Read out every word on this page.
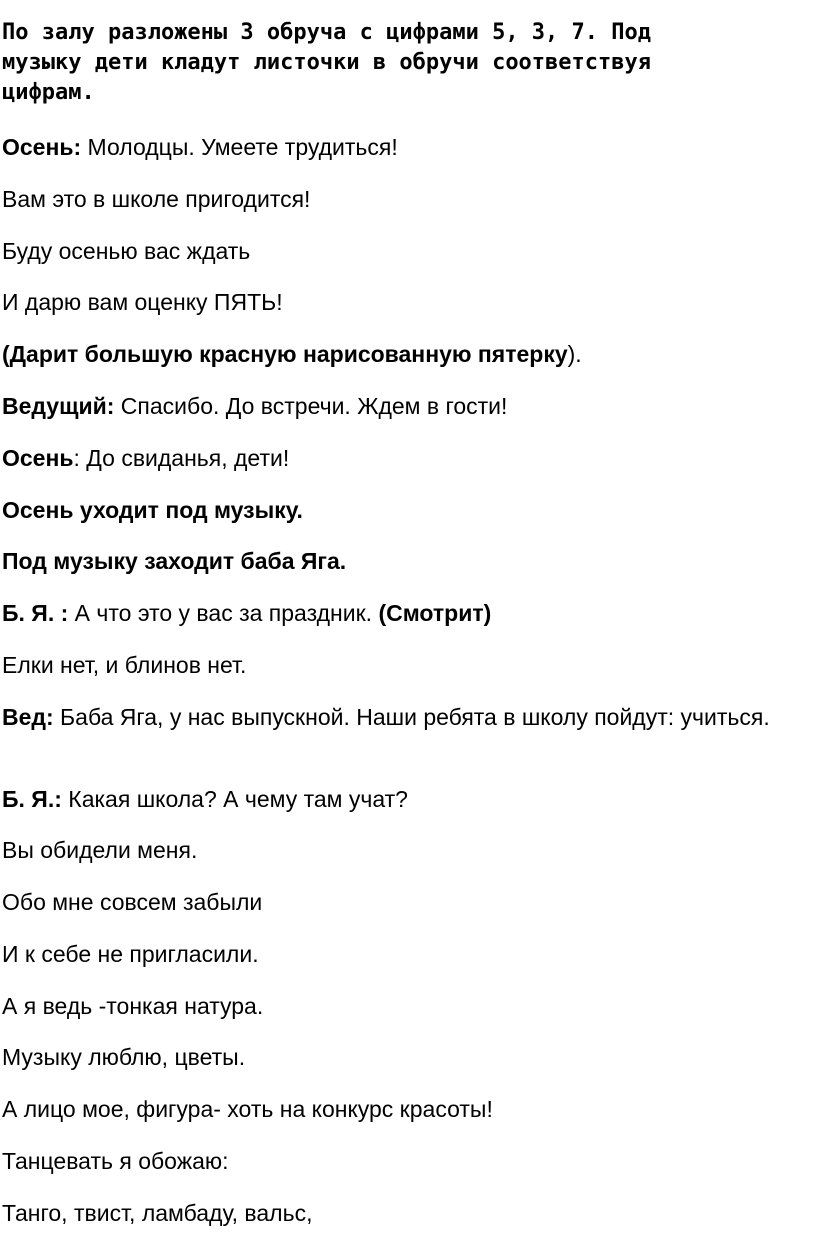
По залу разложены 3 обруча с цифрами 5, 3, 7. Под
музыку дети кладут листочки в обручи соответствуя
цифрам.

Осень: Молодцы. Умеете трудиться!

Вам это в школе пригодится!

Буду осенью вас ждать

И дарю вам оценку ПЯТЬ!

(Дарит большую красную нарисованную пятерку).

Ведущий: Спасибо. До встречи. Ждем в гости!

Осень: До свиданья, дети!

Осень уходит под музыку.

Под музыку заходит баба Яга.

Б. Я. : А что это у вас за праздник. (Смотрит)

Елки нет, и блинов нет.

Вед: Баба Яга, у нас выпускной. Наши ребята в школу пойдут: учиться.

Б. Я.: Какая школа? А чему там учат?

Вы обидели меня.

Обо мне совсем забыли

И к себе не пригласили.

А я ведь -тонкая натура.

Музыку люблю, цветы.

А лицо мое, фигура- хоть на конкурс красоты!

Танцевать я обожаю:

Танго, твист, ламбаду, вальс,
